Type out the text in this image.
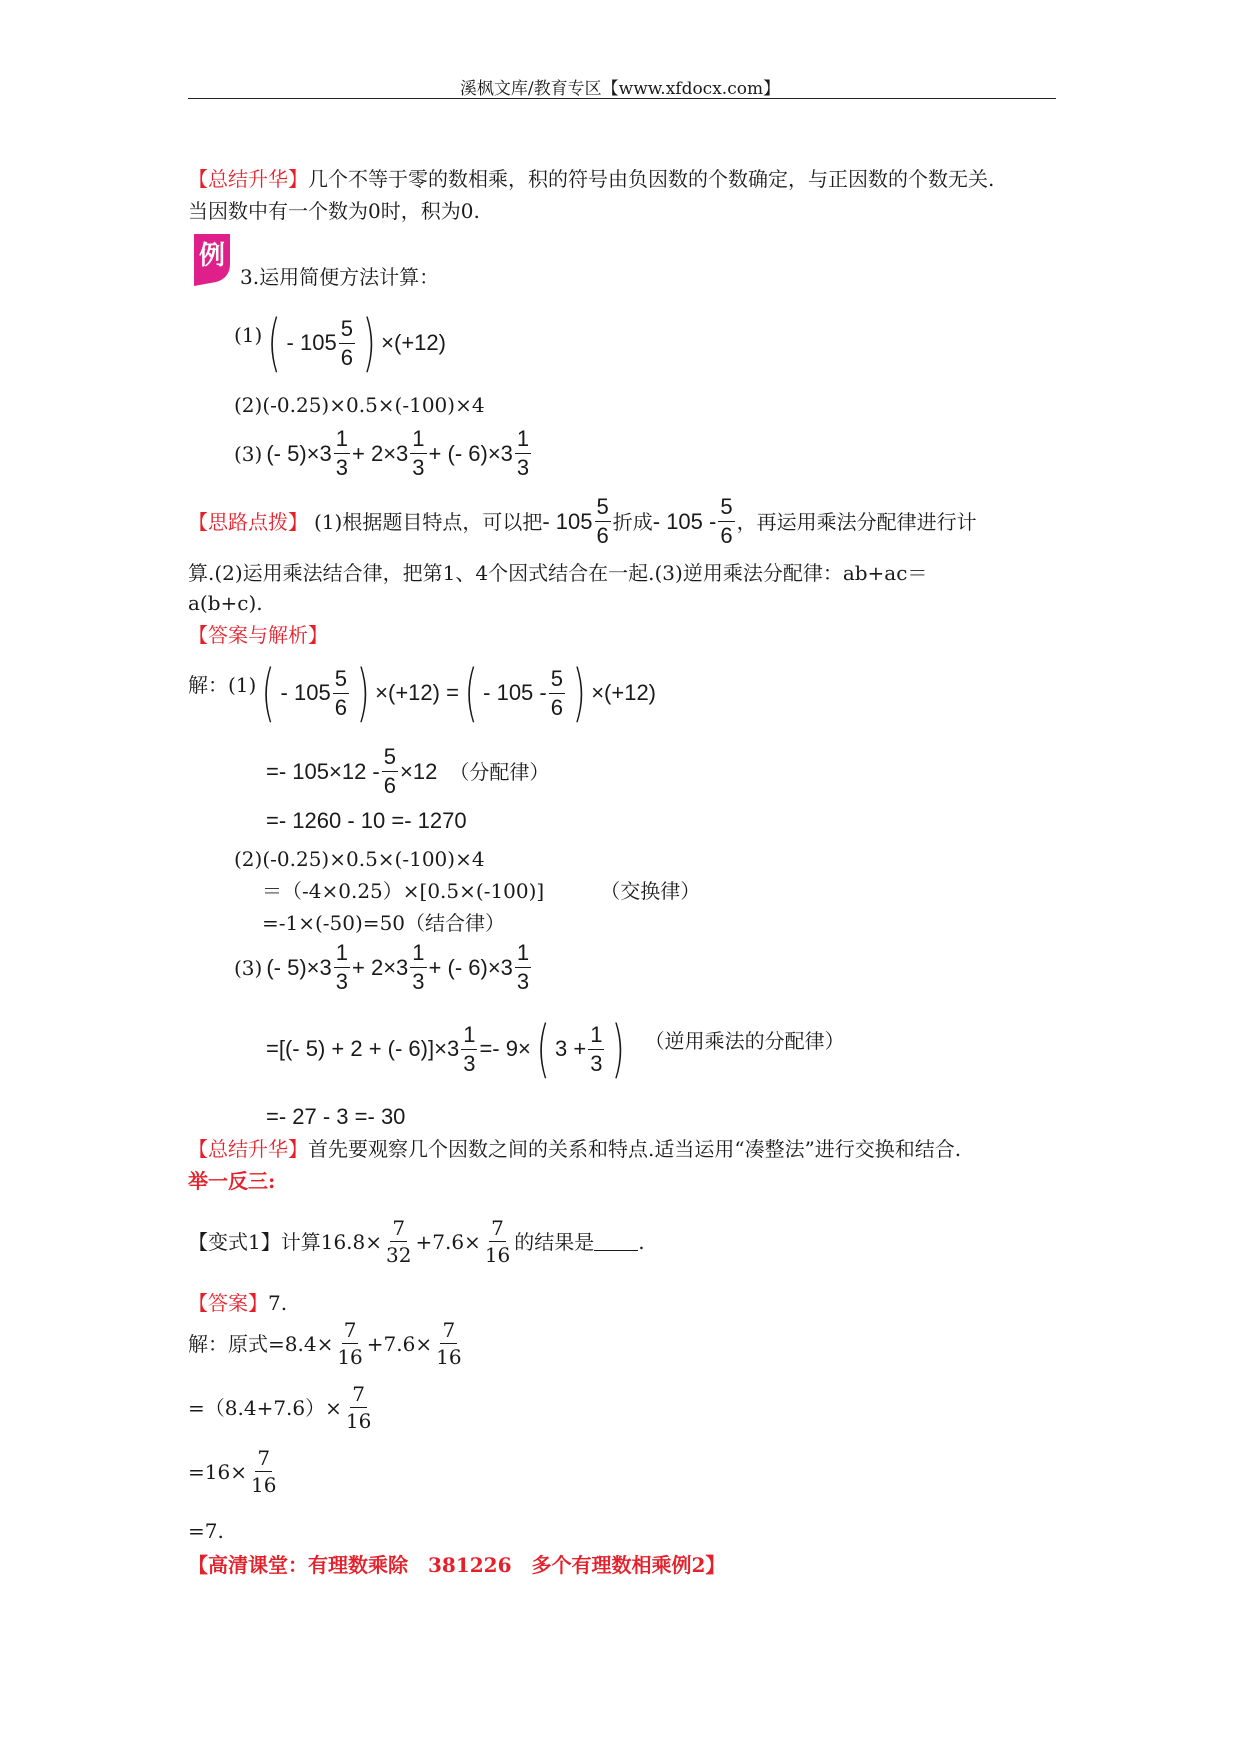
溪枫文库/教育专区【www.xfdocx.com】
【总结升华】几个不等于零的数相乘，积的符号由负因数的个数确定，与正因数的个数无关.
当因数中有一个数为0时，积为0.
例
3.运用简便方法计算：
(1) ( - $105 \frac{5}{6}$ ) ×(+12)
(2)(-0.25)×0.5×(-100)×4
(3) (- $5)\times 3 \frac{1}{3} + 2\times 3 \frac{1}{3}$ + (- $6)\times 3 \frac{1}{3}$
【思路点拨】 (1)根据题目特点，可以把 - $105 \frac{5}{6}$ 折成 - $105 - \frac{5}{6}$ ，再运用乘法分配律进行计
算.(2)运用乘法结合律，把第1、4个因式结合在一起.(3)逆用乘法分配律：ab+ac＝
a(b+c).
【答案与解析】
解：(1) ( - $105 \frac{5}{6}$ ) ×(+12) = ( - $105 - \frac{5}{6}$ ) ×(+12)
=- $105\times 12 - \frac{5}{6} \times 12$ （分配律）
=- 1260 - 10 =- 1270
(2)(-0.25)×0.5×(-100)×4
＝（-4×0.25）×[0.5×(-100)]	（交换律）
=-1×(-50)=50（结合律）
(3) (- $5)\times 3 \frac{1}{3} + 2\times 3 \frac{1}{3}$ + (- $6)\times 3 \frac{1}{3}$
=[(- 5) + 2 + (- $6)]\times 3 \frac{1}{3} =- 9\times$ ( $3 + \frac{1}{3}$ ) （逆用乘法的分配律）
=- 27 - 3 =- 30
【总结升华】首先要观察几个因数之间的关系和特点.适当运用“凑整法”进行交换和结合.
举一反三:
【变式1】 计算$16.8\times \frac{7}{32} +7.6\times \frac{7}{16}$ 的结果是 .
【答案】7.
解：原式$=8.4\times \frac{7}{16} +7.6\times \frac{7}{16}$
$=(8.4+7.6)\times \frac{7}{16}$
$=16\times \frac{7}{16}$
=7.
【高清课堂：有理数乘除　381226　多个有理数相乘例2】
